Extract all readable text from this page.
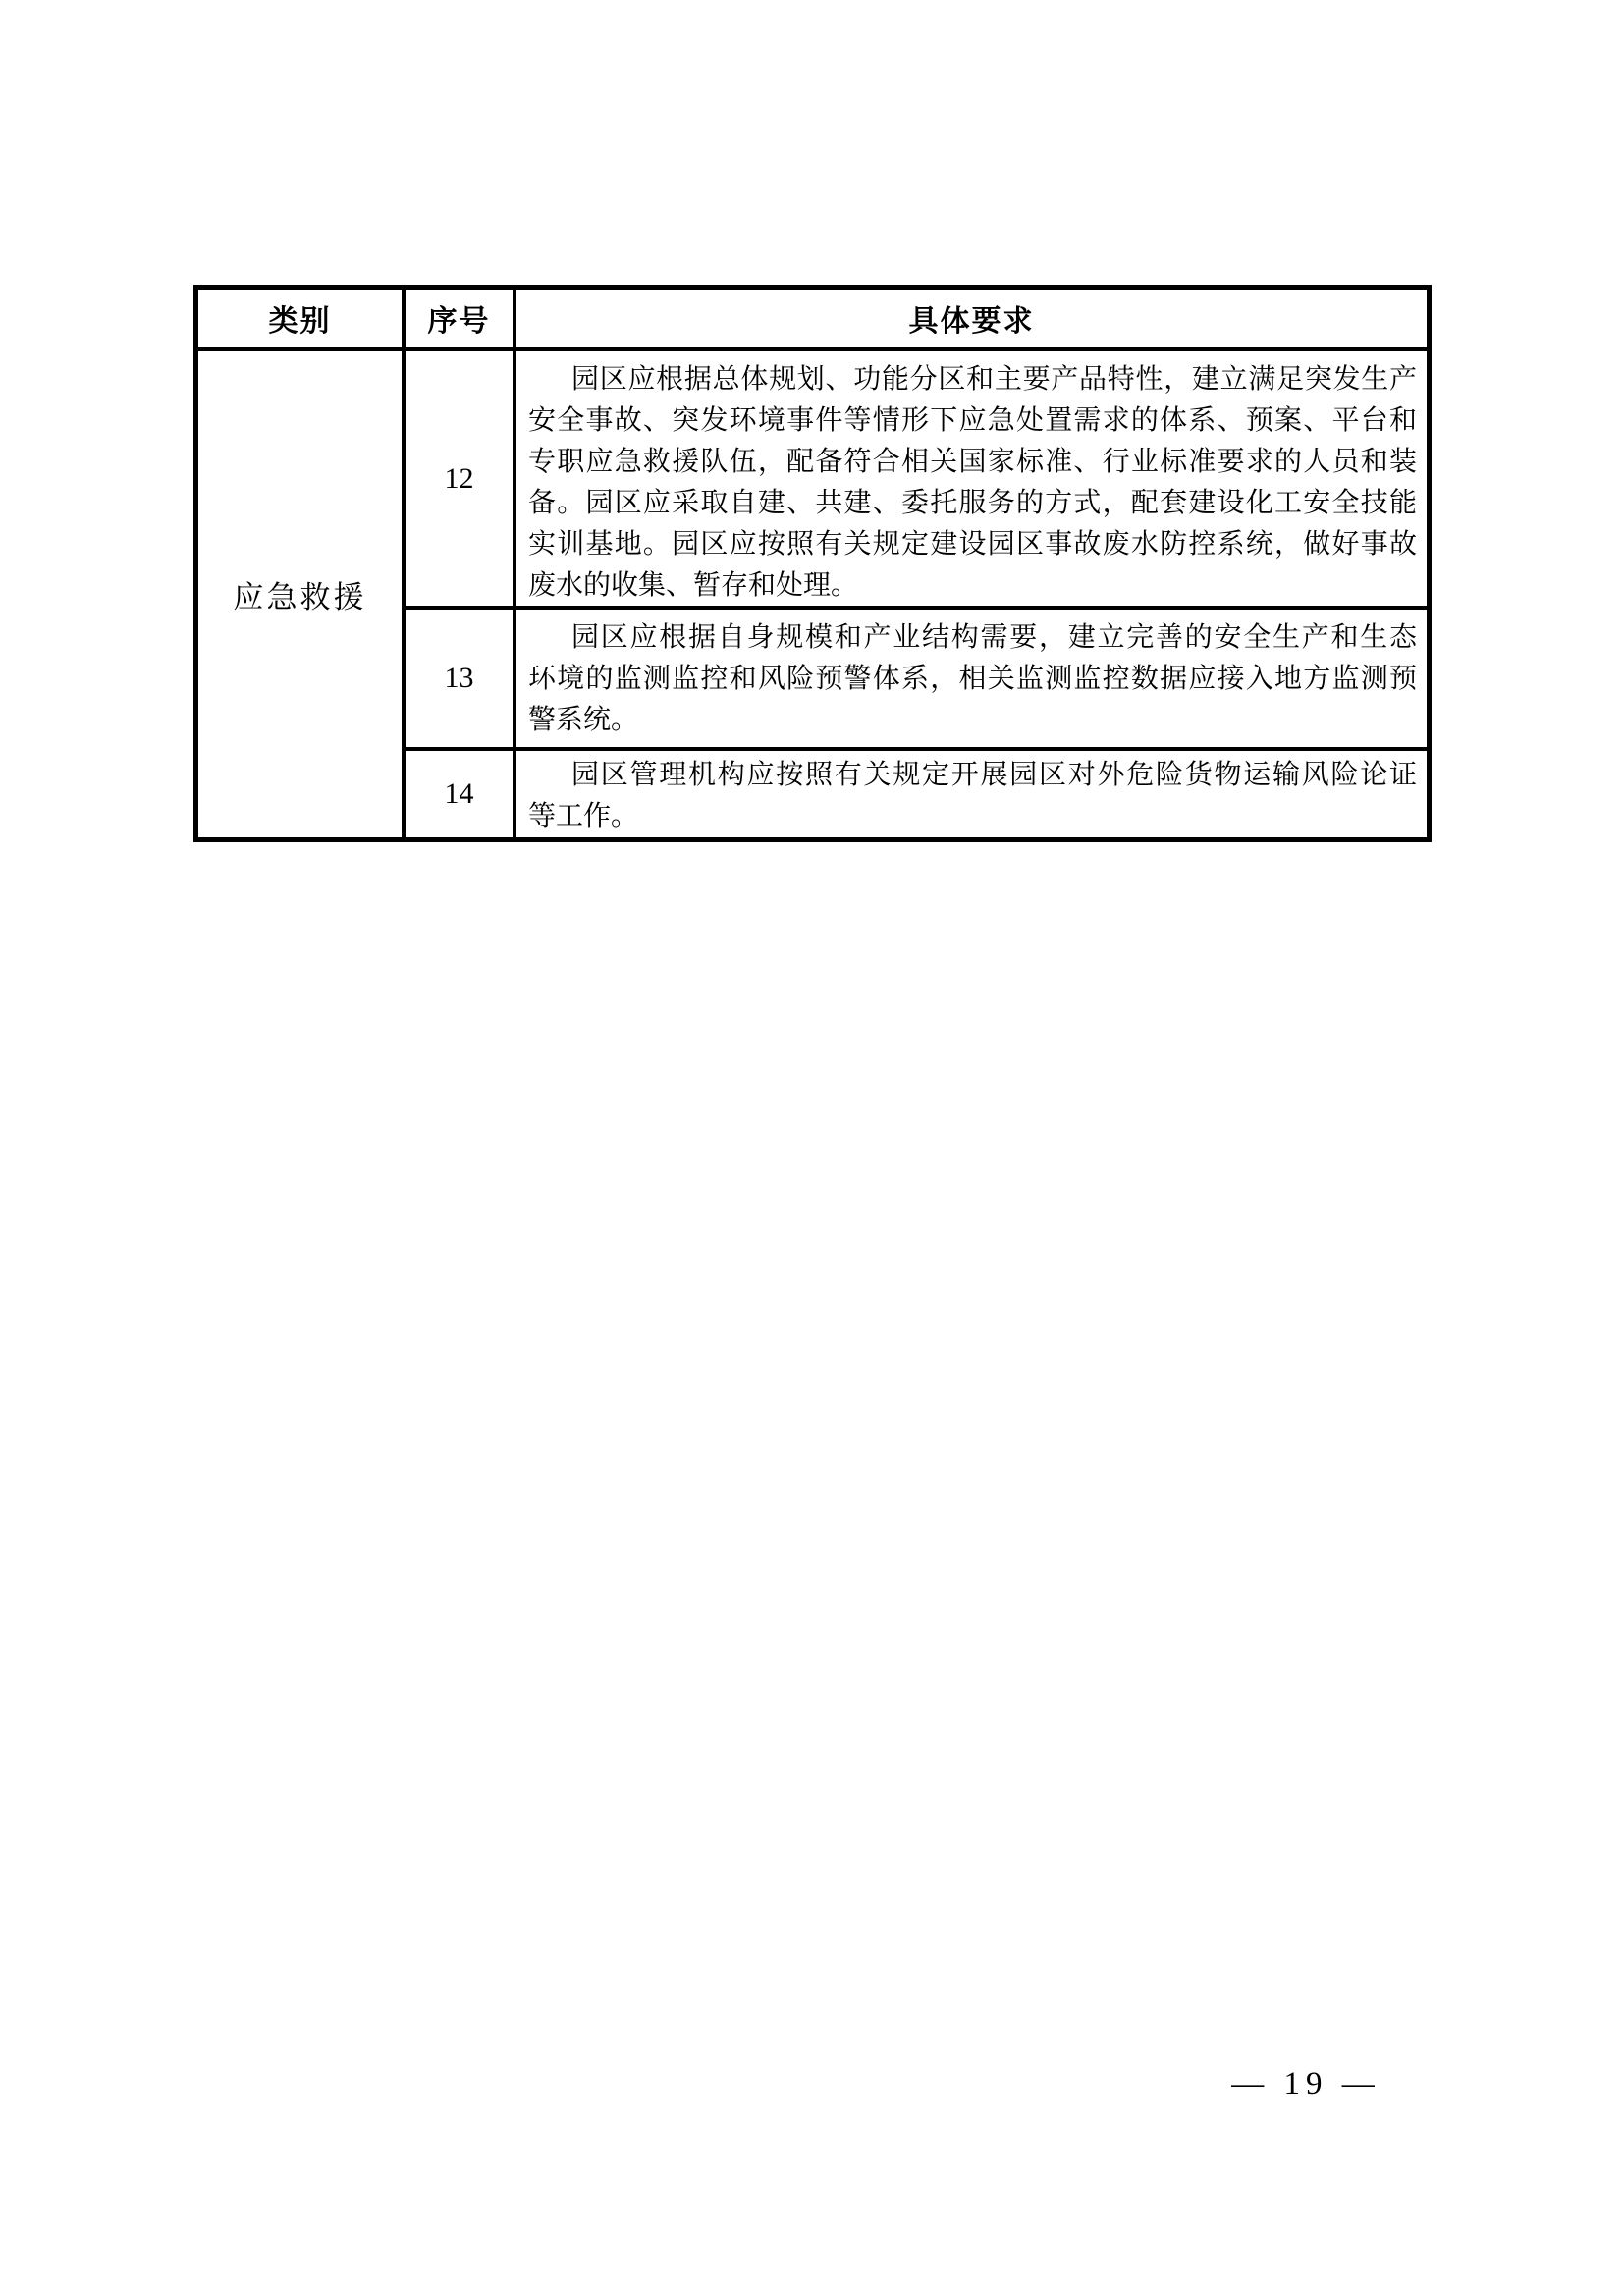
类别	序号	具体要求
应急救援
12
园区应根据总体规划、功能分区和主要产品特性，建立满足突发生产
安全事故、突发环境事件等情形下应急处置需求的体系、预案、平台和
专职应急救援队伍，配备符合相关国家标准、行业标准要求的人员和装
备。园区应采取自建、共建、委托服务的方式，配套建设化工安全技能
实训基地。园区应按照有关规定建设园区事故废水防控系统，做好事故
废水的收集、暂存和处理。
13
园区应根据自身规模和产业结构需要，建立完善的安全生产和生态
环境的监测监控和风险预警体系，相关监测监控数据应接入地方监测预
警系统。
14
园区管理机构应按照有关规定开展园区对外危险货物运输风险论证
等工作。
— 19 —
